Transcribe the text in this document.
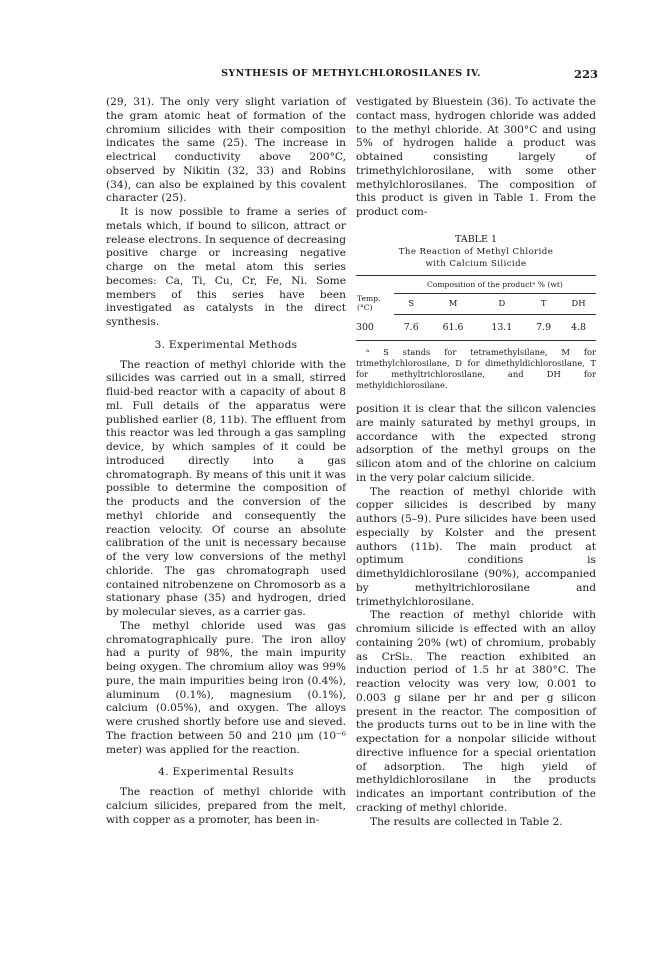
SYNTHESIS OF METHYLCHLOROSILANES IV.	223

(29, 31). The only very slight variation of the gram atomic heat of formation of the chromium silicides with their composition indicates the same (25). The increase in electrical conductivity above 200°C, observed by Nikitin (32, 33) and Robins (34), can also be explained by this covalent character (25).

It is now possible to frame a series of metals which, if bound to silicon, attract or release electrons. In sequence of decreasing positive charge or increasing negative charge on the metal atom this series becomes: Ca, Ti, Cu, Cr, Fe, Ni. Some members of this series have been investigated as catalysts in the direct synthesis.

3. Experimental Methods

The reaction of methyl chloride with the silicides was carried out in a small, stirred fluid-bed reactor with a capacity of about 8 ml. Full details of the apparatus were published earlier (8, 11b). The effluent from this reactor was led through a gas sampling device, by which samples of it could be introduced directly into a gas chromatograph. By means of this unit it was possible to determine the composition of the products and the conversion of the methyl chloride and consequently the reaction velocity. Of course an absolute calibration of the unit is necessary because of the very low conversions of the methyl chloride. The gas chromatograph used contained nitrobenzene on Chromosorb as a stationary phase (35) and hydrogen, dried by molecular sieves, as a carrier gas.

The methyl chloride used was gas chromatographically pure. The iron alloy had a purity of 98%, the main impurity being oxygen. The chromium alloy was 99% pure, the main impurities being iron (0.4%), aluminum (0.1%), magnesium (0.1%), calcium (0.05%), and oxygen. The alloys were crushed shortly before use and sieved. The fraction between 50 and 210 μm (10⁻⁶ meter) was applied for the reaction.

4. Experimental Results

The reaction of methyl chloride with calcium silicides, prepared from the melt, with copper as a promoter, has been in-

vestigated by Bluestein (36). To activate the contact mass, hydrogen chloride was added to the methyl chloride. At 300°C and using 5% of hydrogen halide a product was obtained consisting largely of trimethylchlorosilane, with some other methylchlorosilanes. The composition of this product is given in Table 1. From the product com-

TABLE 1
The Reaction of Methyl Chloride
with Calcium Silicide
Temp.
(°C)	Composition of the productᵃ % (wt)				
	S	M	D	T	DH
300	7.6	61.6	13.1	7.9	4.8
ᵃ S stands for tetramethylsilane, M for trimethylchlorosilane, D for dimethyldichlorosilane, T for methyltrichlorosilane, and DH for methyldichlorosilane.

position it is clear that the silicon valencies are mainly saturated by methyl groups, in accordance with the expected strong adsorption of the methyl groups on the silicon atom and of the chlorine on calcium in the very polar calcium silicide.

The reaction of methyl chloride with copper silicides is described by many authors (5–9). Pure silicides have been used especially by Kolster and the present authors (11b). The main product at optimum conditions is dimethyldichlorosilane (90%), accompanied by methyltrichlorosilane and trimethylchlorosilane.

The reaction of methyl chloride with chromium silicide is effected with an alloy containing 20% (wt) of chromium, probably as CrSi₂. The reaction exhibited an induction period of 1.5 hr at 380°C. The reaction velocity was very low, 0.001 to 0.003 g silane per hr and per g silicon present in the reactor. The composition of the products turns out to be in line with the expectation for a nonpolar silicide without directive influence for a special orientation of adsorption. The high yield of methyldichlorosilane in the products indicates an important contribution of the cracking of methyl chloride.

The results are collected in Table 2.
